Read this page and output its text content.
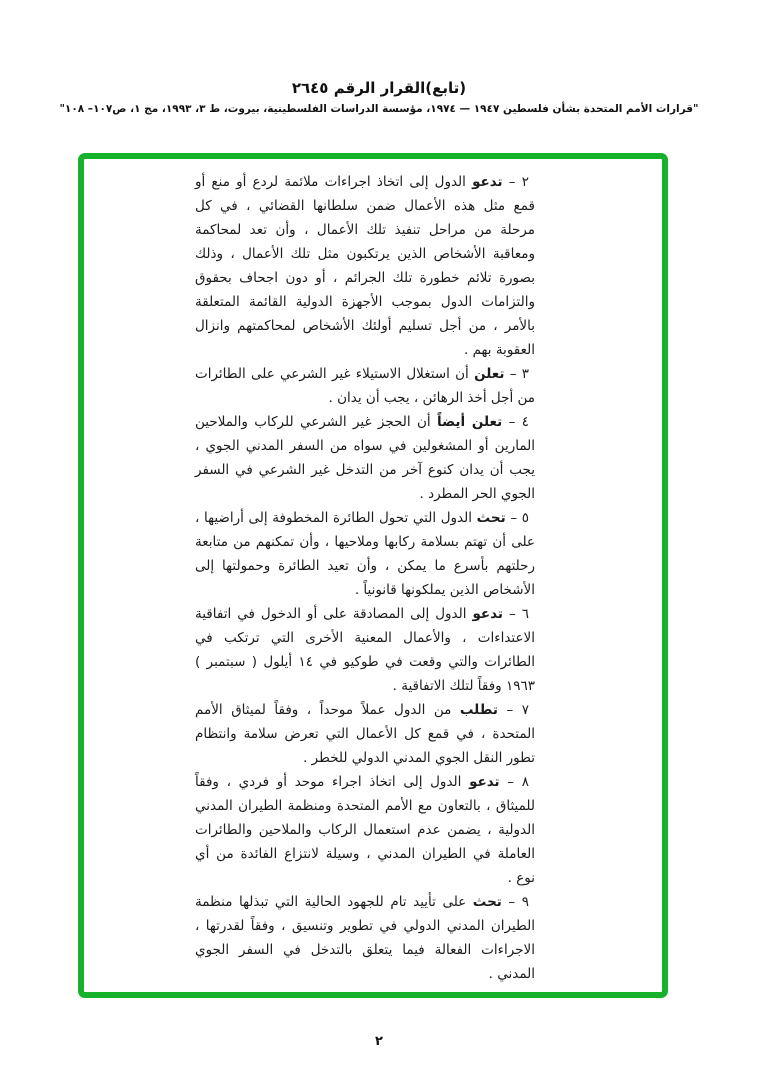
(تابع)القرار الرقم ٢٦٤٥
"قرارات الأمم المتحدة بشأن فلسطين ١٩٤٧ — ١٩٧٤، مؤسسة الدراسات الفلسطينية، بيروت، ط ٣، ١٩٩٣، مج ١، ص١٠٧– ١٠٨"

٢ – تدعو الدول إلى اتخاذ اجراءات ملائمة لردع أو منع أو قمع مثل هذه الأعمال ضمن سلطانها القضائي ، في كل مرحلة من مراحل تنفيذ تلك الأعمال ، وأن تعد لمحاكمة ومعاقبة الأشخاص الذين يرتكبون مثل تلك الأعمال ، وذلك بصورة تلائم خطورة تلك الجرائم ، أو دون اجحاف بحقوق والتزامات الدول بموجب الأجهزة الدولية القائمة المتعلقة بالأمر ، من أجل تسليم أولئك الأشخاص لمحاكمتهم وانزال العقوبة بهم .

٣ – تعلن أن استغلال الاستيلاء غير الشرعي على الطائرات من أجل أخذ الرهائن ، يجب أن يدان .

٤ – تعلن أيضاً أن الحجز غير الشرعي للركاب والملاحين المارين أو المشغولين في سواه من السفر المدني الجوي ، يجب أن يدان كنوع آخر من التدخل غير الشرعي في السفر الجوي الحر المطرد .

٥ – تحث الدول التي تحول الطائرة المخطوفة إلى أراضيها ، على أن تهتم بسلامة ركابها وملاحيها ، وأن تمكنهم من متابعة رحلتهم بأسرع ما يمكن ، وأن تعيد الطائرة وحمولتها إلى الأشخاص الذين يملكونها قانونياً .

٦ – تدعو الدول إلى المصادقة على أو الدخول في اتفاقية الاعتداءات ، والأعمال المعنية الأخرى التي ترتكب في الطائرات والتي وقعت في طوكيو في ١٤ أيلول ( سبتمبر ) ١٩٦٣ وفقاً لتلك الاتفاقية .

٧ – تطلب من الدول عملاً موحداً ، وفقاً لميثاق الأمم المتحدة ، في قمع كل الأعمال التي تعرض سلامة وانتظام تطور النقل الجوي المدني الدولي للخطر .

٨ – تدعو الدول إلى اتخاذ اجراء موحد أو فردي ، وفقاً للميثاق ، بالتعاون مع الأمم المتحدة ومنظمة الطيران المدني الدولية ، يضمن عدم استعمال الركاب والملاحين والطائرات العاملة في الطيران المدني ، وسيلة لانتزاع الفائدة من أي نوع .

٩ – تحث على تأييد تام للجهود الحالية التي تبذلها منظمة الطيران المدني الدولي في تطوير وتنسيق ، وفقاً لقدرتها ، الاجراءات الفعالة فيما يتعلق بالتدخل في السفر الجوي المدني .

٢
